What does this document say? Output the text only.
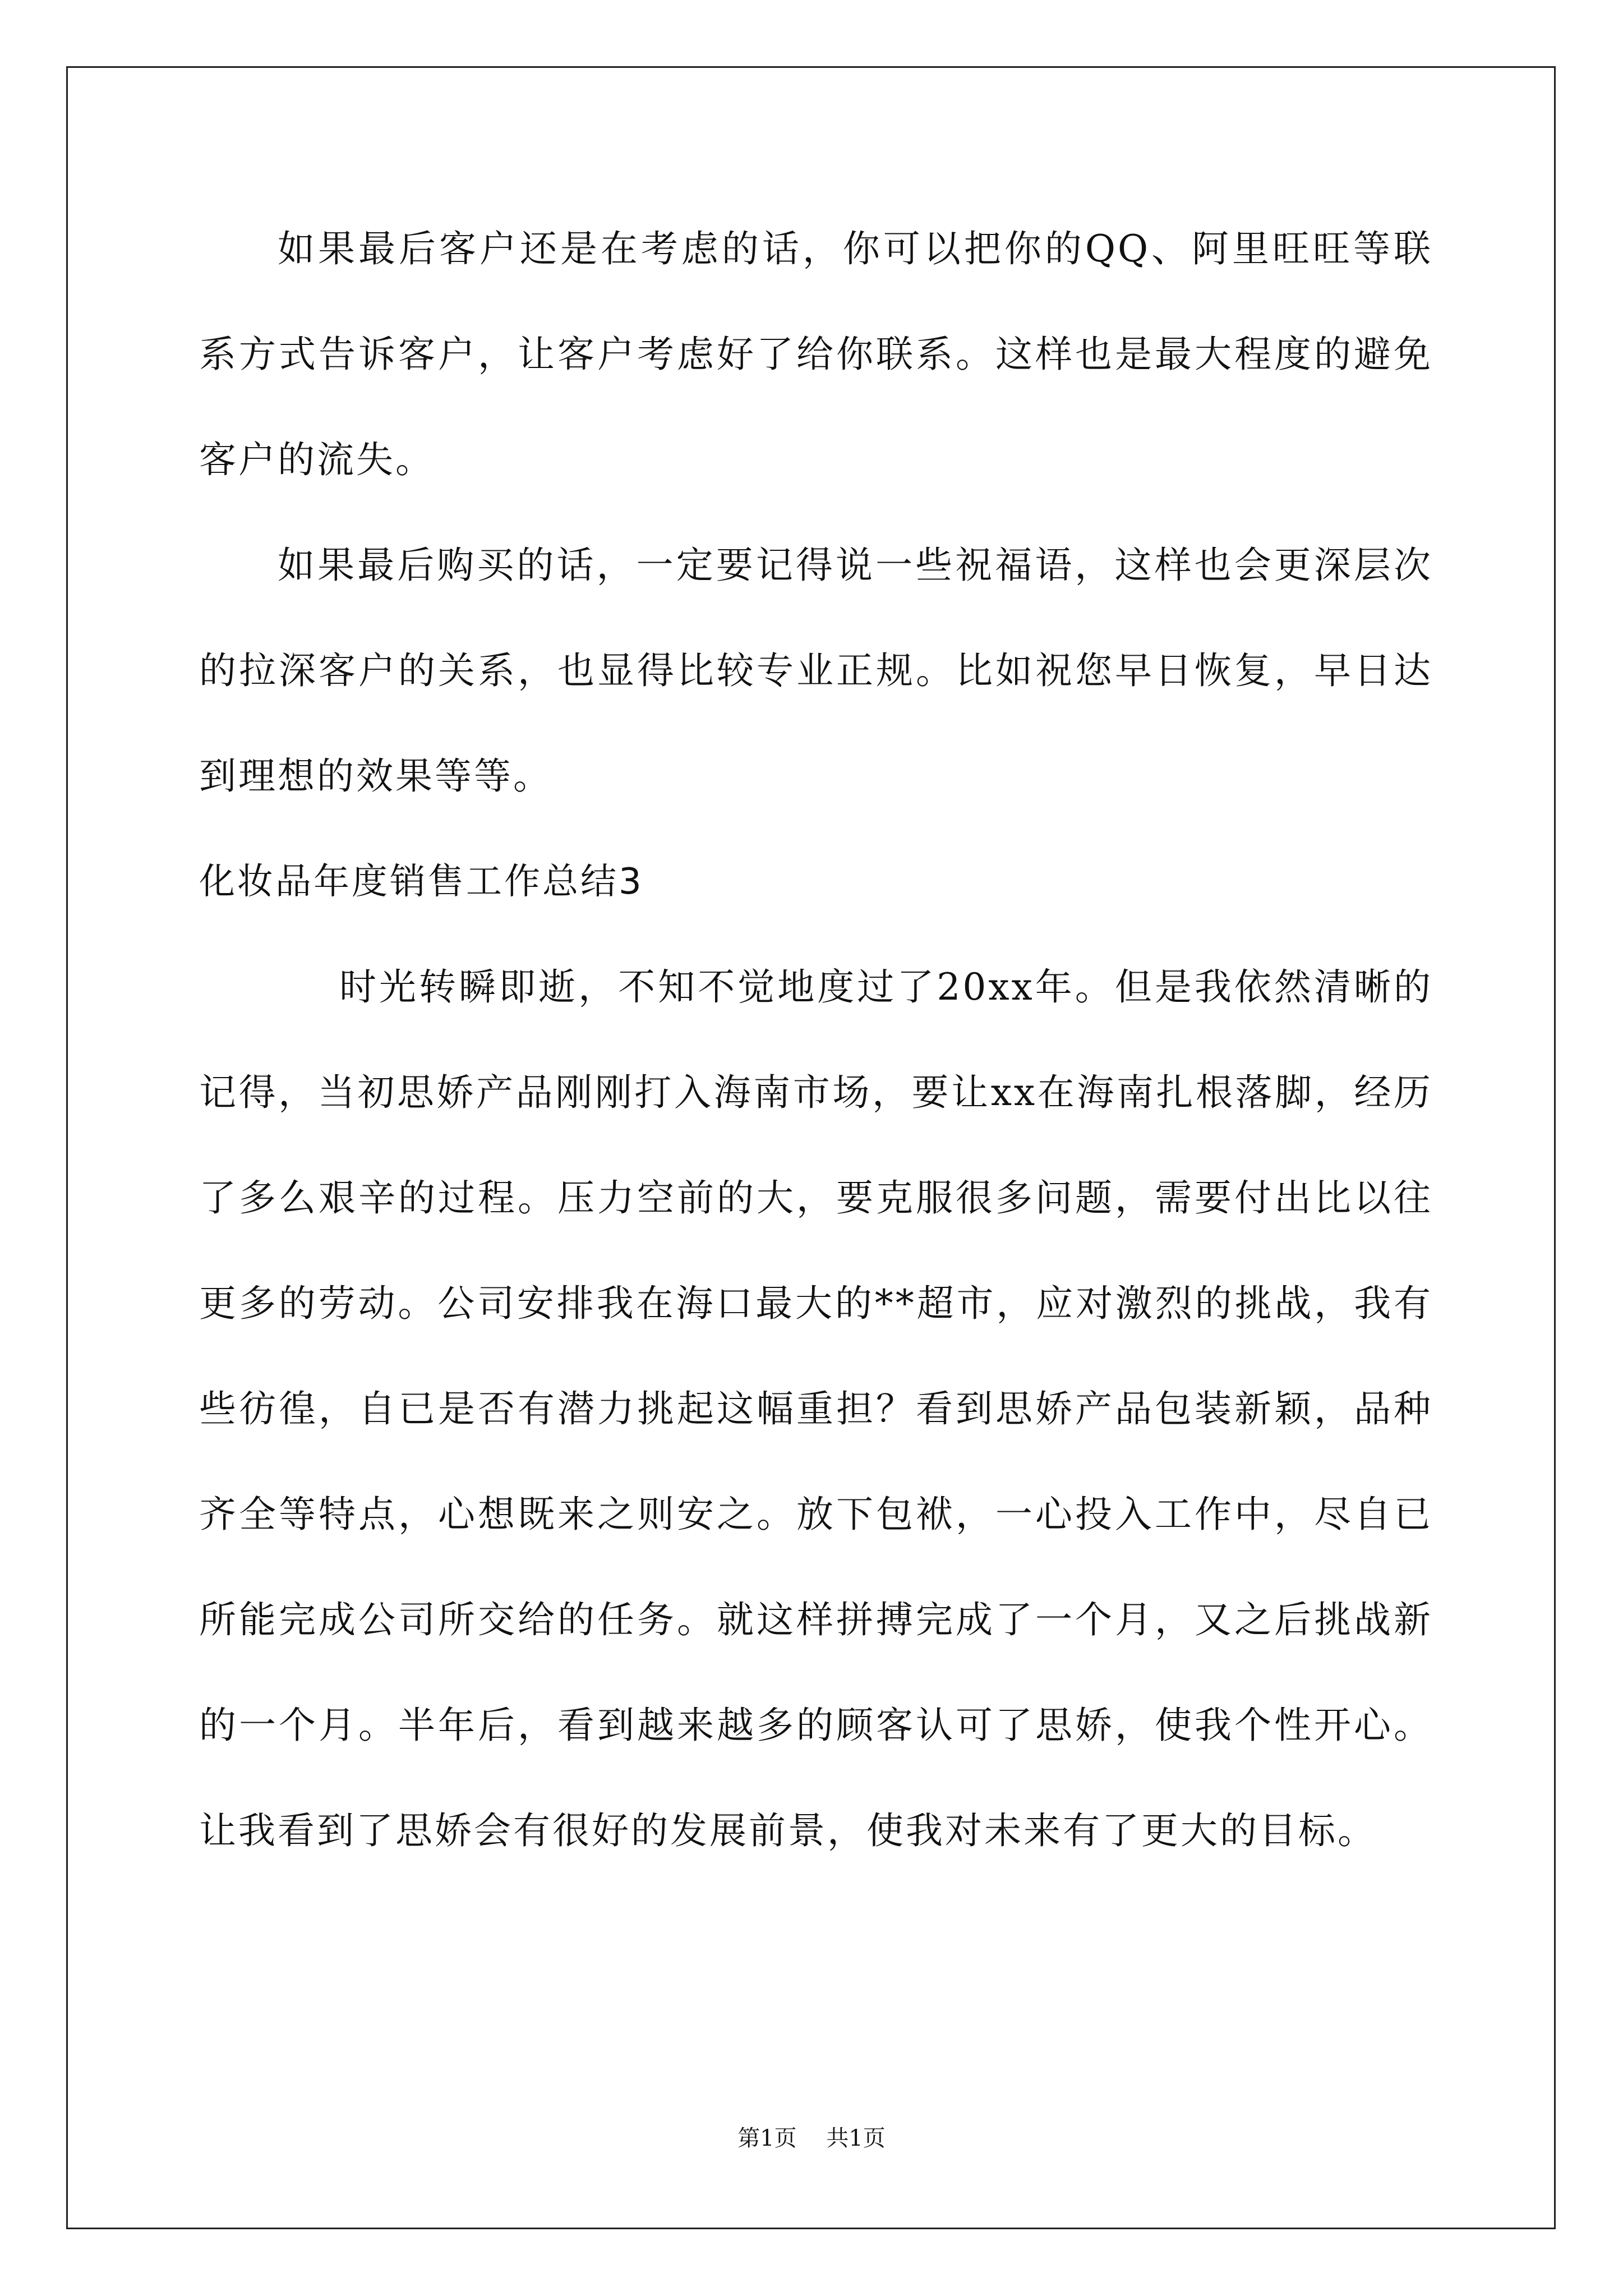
如果最后客户还是在考虑的话，你可以把你的QQ、阿里旺旺等联系方式告诉客户，让客户考虑好了给你联系。这样也是最大程度的避免客户的流失。

如果最后购买的话，一定要记得说一些祝福语，这样也会更深层次的拉深客户的关系，也显得比较专业正规。比如祝您早日恢复，早日达到理想的效果等等。

化妆品年度销售工作总结3

时光转瞬即逝，不知不觉地度过了20xx年。但是我依然清晰的记得，当初思娇产品刚刚打入海南市场，要让xx在海南扎根落脚，经历了多么艰辛的过程。压力空前的大，要克服很多问题，需要付出比以往更多的劳动。公司安排我在海口最大的**超市，应对激烈的挑战，我有些彷徨，自已是否有潜力挑起这幅重担？看到思娇产品包装新颖，品种齐全等特点，心想既来之则安之。放下包袱，一心投入工作中，尽自已所能完成公司所交给的任务。就这样拼搏完成了一个月，又之后挑战新的一个月。半年后，看到越来越多的顾客认可了思娇，使我个性开心。让我看到了思娇会有很好的发展前景，使我对未来有了更大的目标。

第1页 共1页
